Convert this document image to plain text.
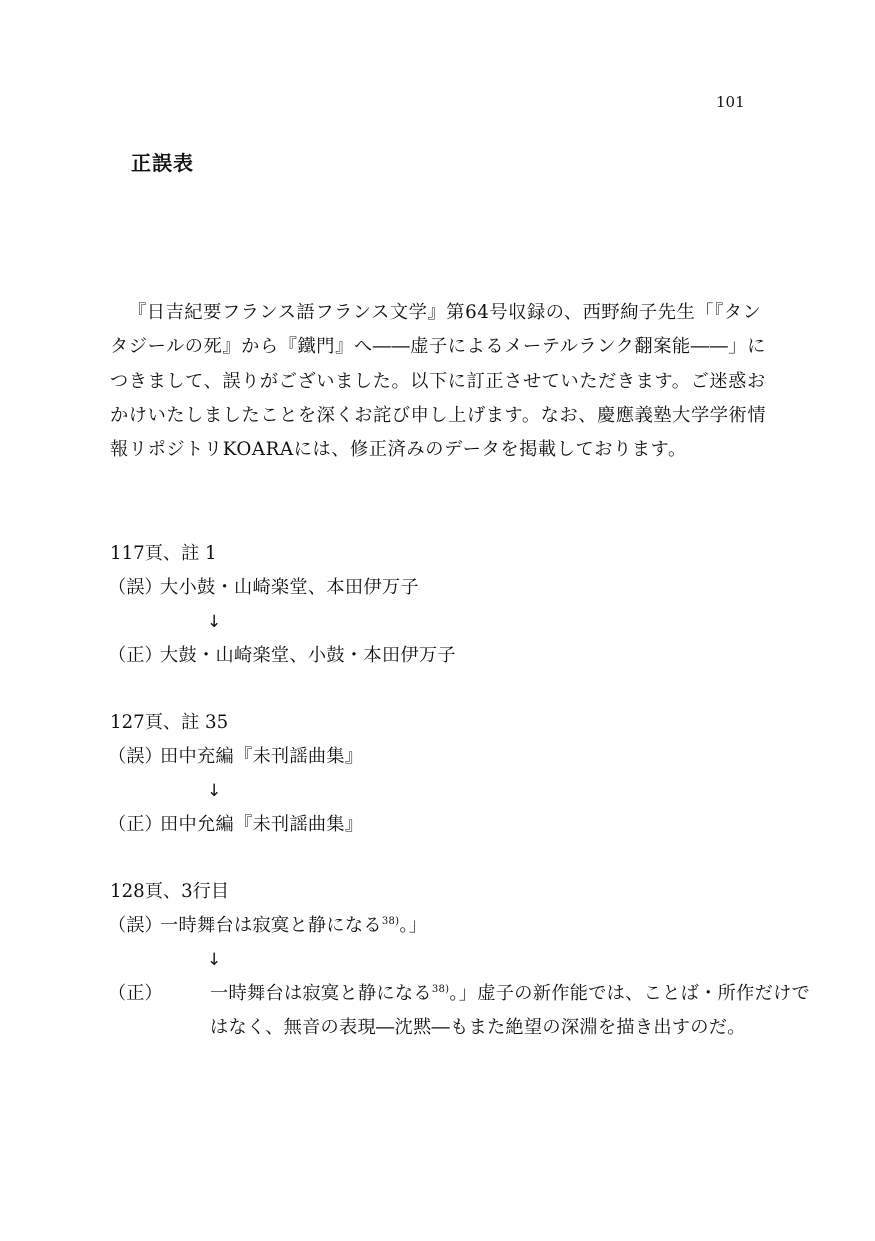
101
正誤表

『日吉紀要フランス語フランス文学』第64号収録の、西野絢子先生「『タンタジールの死』から『鐵門』へ――虚子によるメーテルランク翻案能――」につきまして、誤りがございました。以下に訂正させていただきます。ご迷惑おかけいたしましたことを深くお詫び申し上げます。なお、慶應義塾大学学術情報リポジトリKOARAには、修正済みのデータを掲載しております。

117頁、註 1
（誤）
大小鼓・山崎楽堂、本田伊万子
↓
（正）
大鼓・山崎楽堂、小鼓・本田伊万子
127頁、註 35
（誤）
田中充編『未刊謡曲集』
↓
（正）
田中允編『未刊謡曲集』
128頁、3行目
（誤）
一時舞台は寂寞と静になる$^{38)}$。」
↓
（正）	一時舞台は寂寞と静になる$^{38)}$。」虚子の新作能では、ことば・所作だけではなく、無音の表現―沈黙―もまた絶望の深淵を描き出すのだ。
